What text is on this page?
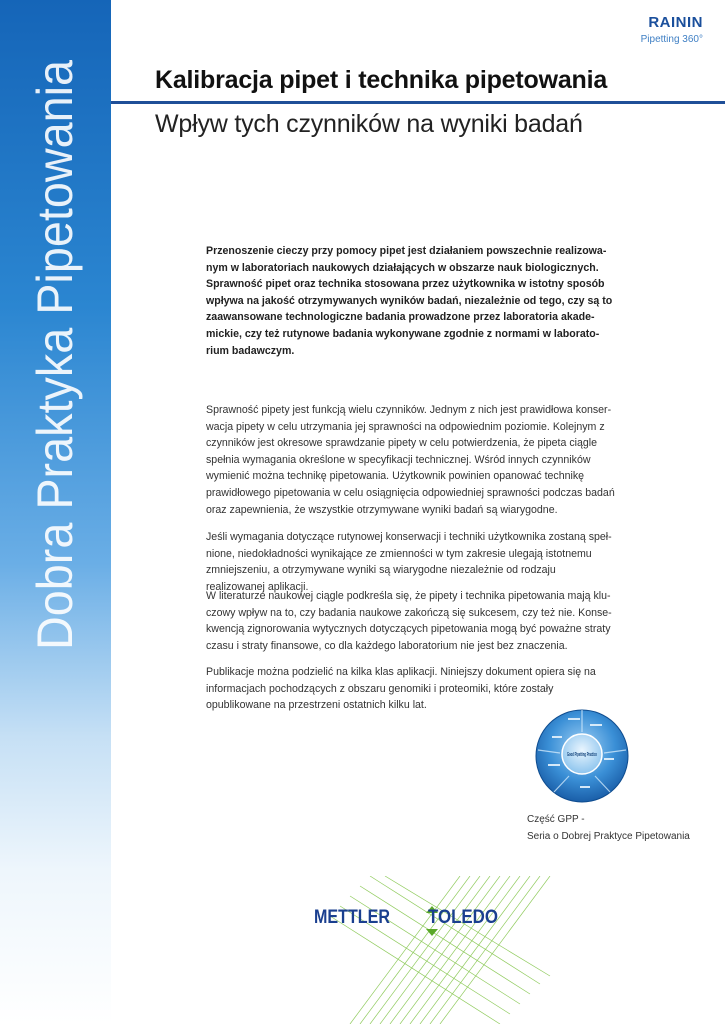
Dobra Praktyka Pipetowania	RAININ
Pipetting 360°
Kalibracja pipet i technika pipetowania
Wpływ tych czynników na wyniki badań

Przenoszenie cieczy przy pomocy pipet jest działaniem powszechnie realizowanym w laboratoriach naukowych działających w obszarze nauk biologicznych. Sprawność pipet oraz technika stosowana przez użytkownika w istotny sposób wpływa na jakość otrzymywanych wyników badań, niezależnie od tego, czy są to zaawansowane technologiczne badania prowadzone przez laboratoria akademickie, czy też rutynowe badania wykonywane zgodnie z normami w laboratorium badawczym.

Sprawność pipety jest funkcją wielu czynników. Jednym z nich jest prawidłowa konserwacja pipety w celu utrzymania jej sprawności na odpowiednim poziomie. Kolejnym z czynników jest okresowe sprawdzanie pipety w celu potwierdzenia, że pipeta ciągle spełnia wymagania określone w specyfikacji technicznej. Wśród innych czynników wymienić można technikę pipetowania. Użytkownik powinien opanować technikę prawidłowego pipetowania w celu osiągnięcia odpowiedniej sprawności podczas badań oraz zapewnienia, że wszystkie otrzymywane wyniki badań są wiarygodne.

Jeśli wymagania dotyczące rutynowej konserwacji i techniki użytkownika zostaną spełnione, niedokładności wynikające ze zmienności w tym zakresie ulegają istotnemu zmniejszeniu, a otrzymywane wyniki są wiarygodne niezależnie od rodzaju realizowanej aplikacji.

W literaturze naukowej ciągle podkreśla się, że pipety i technika pipetowania mają kluczowy wpływ na to, czy badania naukowe zakończą się sukcesem, czy też nie. Konsekwencją zignorowania wytycznych dotyczących pipetowania mogą być poważne straty czasu i straty finansowe, co dla każdego laboratorium nie jest bez znaczenia.

Publikacje można podzielić na kilka klas aplikacji. Niniejszy dokument opiera się na informacjach pochodzących z obszaru genomiki i proteomiki, które zostały opublikowane na przestrzeni ostatnich kilku lat.

Good Pipetting Practice
Część GPP -
Seria o Dobrej Praktyce Pipetowania
METTLER TOLEDO
